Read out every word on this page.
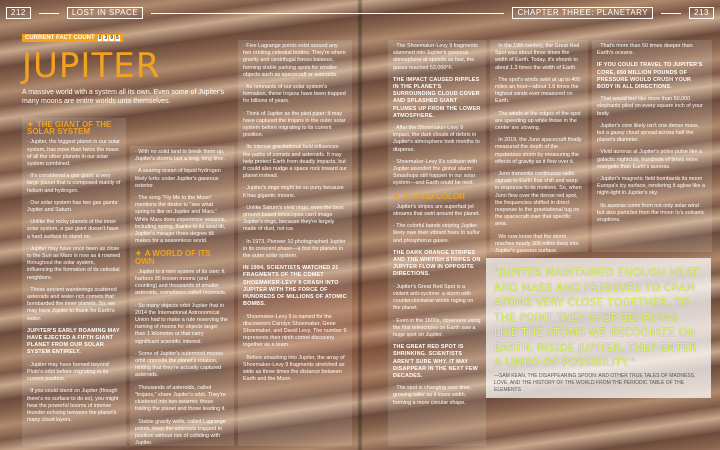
212	LOST IN SPACE	CHAPTER THREE: PLANETARY	213
CURRENT FACT COUNT 0 3 9 5
JUPITER
A massive world with a system all its own. Even some of Jupiter's many moons are entire worlds unto themselves.
✦ THE GIANT OF THE SOLAR SYSTEM

· Jupiter, the biggest planet in our solar system, has more than twice the mass of all the other planets in our solar system combined.

· It's considered a gas giant: a very large planet that is composed mainly of helium and hydrogen.

· Our solar system has two gas giants: Jupiter and Saturn.

· Unlike the rocky planets of the inner solar system, a gas giant doesn't have a hard surface to stand on.

· Jupiter may have once been as close to the Sun as Mars is now as it roamed throughout the solar system, influencing the formation of its celestial neighbors.

· These ancient wanderings scattered asteroids and water-rich comets that bombarded the inner planets. So, we may have Jupiter to thank for Earth's water.

JUPITER'S EARLY ROAMING MAY HAVE EJECTED A FIFTH GIANT PLANET FROM OUR SOLAR SYSTEM ENTIRELY.

· Jupiter may have formed beyond Pluto's orbit before migrating to its current position.

· If you could stand on Jupiter (though there's no surface to do so), you might hear the powerful booms of intense thunder echoing between the planet's many cloud layers.

· With no solid land to break them up, Jupiter's storms last a long, long time.

· A searing ocean of liquid hydrogen likely lurks under Jupiter's gaseous exterior.

· The song "Fly Me to the Moon" mentions the desire to "see what spring is like on Jupiter and Mars." While Mars does experience seasons, including spring, thanks to its axial tilt, Jupiter's meager three-degree tilt makes for a seasonless world.

✦ A WORLD OF ITS OWN

· Jupiter is a mini system of its own: It harbors 95 known moons (and counting) and thousands of smaller asteroids, sometimes called moonlets.

· So many objects orbit Jupiter that in 2014 the International Astronomical Union had to make a rule reserving the naming of moons for objects larger than 1 kilometer or that carry significant scientific interest.

· Some of Jupiter's outermost moons orbit opposite the planet's rotation, hinting that they're actually captured asteroids.

· Thousands of asteroids, called "trojans," share Jupiter's orbit. They're clustered into two swarms: those trailing the planet and those leading it.

· Stable gravity wells, called Lagrange points, keep the asteroids trapped in position without risk of colliding with Jupiter.

· Five Lagrange points exist around any two orbiting celestial bodies. They're where gravity and centrifugal forces balance, forming stable parking spots for smaller objects such as spacecraft or asteroids.

· As remnants of our solar system's formation, these trojans have been trapped for billions of years.

· Think of Jupiter as the pied piper: It may have captured the trojans in the outer solar system before migrating to its current position.

· Its intense gravitational field influences the paths of comets and asteroids. It may help protect Earth from deadly impacts, but it could also nudge a space rock toward our planet instead.

· Jupiter's rings might be so puny because it has gigantic moons.

· Unlike Saturn's vivid rings, even the best ground-based telescopes can't image Jupiter's rings, because they're largely made of dust, not ice.

· In 1973, Pioneer 10 photographed Jupiter in its crescent phase—a first for planets in the outer solar system.

IN 1994, SCIENTISTS WATCHED 21 FRAGMENTS OF THE COMET SHOEMAKER-LEVY 9 CRASH INTO JUPITER WITH THE FORCE OF HUNDREDS OF MILLIONS OF ATOMIC BOMBS.

· Shoemaker-Levy 9 is named for the discoverers Carolyn Shoemaker, Gene Shoemaker, and David Levy. The number 9 represents their ninth comet discovery together as a team.

· Before smashing into Jupiter, the array of Shoemaker-Levy 9 fragments stretched as wide as three times the distance between Earth and the Moon.

· The Shoemaker-Levy 9 fragments slammed into Jupiter's gaseous atmosphere at speeds so fast, the gases reached 53,000°F.

THE IMPACT CAUSED RIPPLES IN THE PLANET'S SURROUNDING CLOUD COVER AND SPLASHED GIANT PLUMES UP FROM THE LOWER ATMOSPHERE.

· After the Shoemaker-Levy 9 impact, the dark clouds of debris in Jupiter's atmosphere took months to disperse.

· Shoemaker-Levy 9's collision with Jupiter sounded the global alarm: Smashups still happen in our solar system—and Earth could be next.

✦ IN VIVID COLOR

· Jupiter's stripes are superfast jet streams that swirl around the planet.

· The colorful bands striping Jupiter likely owe their vibrant hues to sulfur and phosphorus gases.

THE DARK ORANGE STRIPES AND THE WHITISH STRIPES ON JUPITER FLOW IN OPPOSITE DIRECTIONS.

· Jupiter's Great Red Spot is a violent anti-cyclone: a storm with counterclockwise winds raging on the planet.

· Even in the 1600s, observers using the first telescopes on Earth saw a huge spot on Jupiter.

THE GREAT RED SPOT IS SHRINKING. SCIENTISTS AREN'T SURE WHY. IT MAY DISAPPEAR IN THE NEXT FEW DECADES.

· The spot is changing over time, growing taller as it loses width, forming a more circular shape.

· In the 19th century, the Great Red Spot was about three times the width of Earth. Today, it's shrunk to about 1.3 times the width of Earth.

· The spot's winds swirl at up to 400 miles an hour—about 1.6 times the highest winds ever measured on Earth.

· The winds at the edges of the spot are speeding up while those in the center are slowing.

· In 2019, the Juno spacecraft finally measured the depth of the mysterious storm by measuring the effects of gravity as it flew over it.

· Juno transmits continuous radio signals to Earth that shift and warp in response to its motions. So, when Juno flew over the dense red spot, the frequencies shifted in direct response to the gravitational tug on the spacecraft over that specific area.

· We now know that the storm reaches nearly 300 miles deep into Jupiter's gaseous surface.

· That's more than 50 times deeper than Earth's oceans.

IF YOU COULD TRAVEL TO JUPITER'S CORE, 650 MILLION POUNDS OF PRESSURE WOULD CRUSH YOUR BODY IN ALL DIRECTIONS.

· That would feel like more than 50,000 elephants piled on every square inch of your body.

· Jupiter's core likely isn't one dense mass, but a gassy cloud spread across half the planet's diameter.

· Vivid auroras at Jupiter's poles pulse like a galactic nightclub, hundreds of times more energetic than Earth's auroras.

· Jupiter's magnetic field bombards its moon Europa's icy surface, rendering it aglow like a night-light in Jupiter's sky.

· Its auroras come from not only solar wind but also particles from the moon Io's volcanic eruptions.

"JUPITER MAINTAINED ENOUGH HEAT AND MASS AND PRESSURE TO CRAM ATOMS VERY CLOSE TOGETHER, TO THE POINT THEY STOP BEHAVING LIKE THE ATOMS WE RECOGNIZE ON EARTH. INSIDE JUPITER, THEY ENTER A LIMBO OF POSSIBILITY."
—SAM KEAN, THE DISAPPEARING SPOON: AND OTHER TRUE TALES OF MADNESS, LOVE, AND THE HISTORY OF THE WORLD FROM THE PERIODIC TABLE OF THE ELEMENTS
